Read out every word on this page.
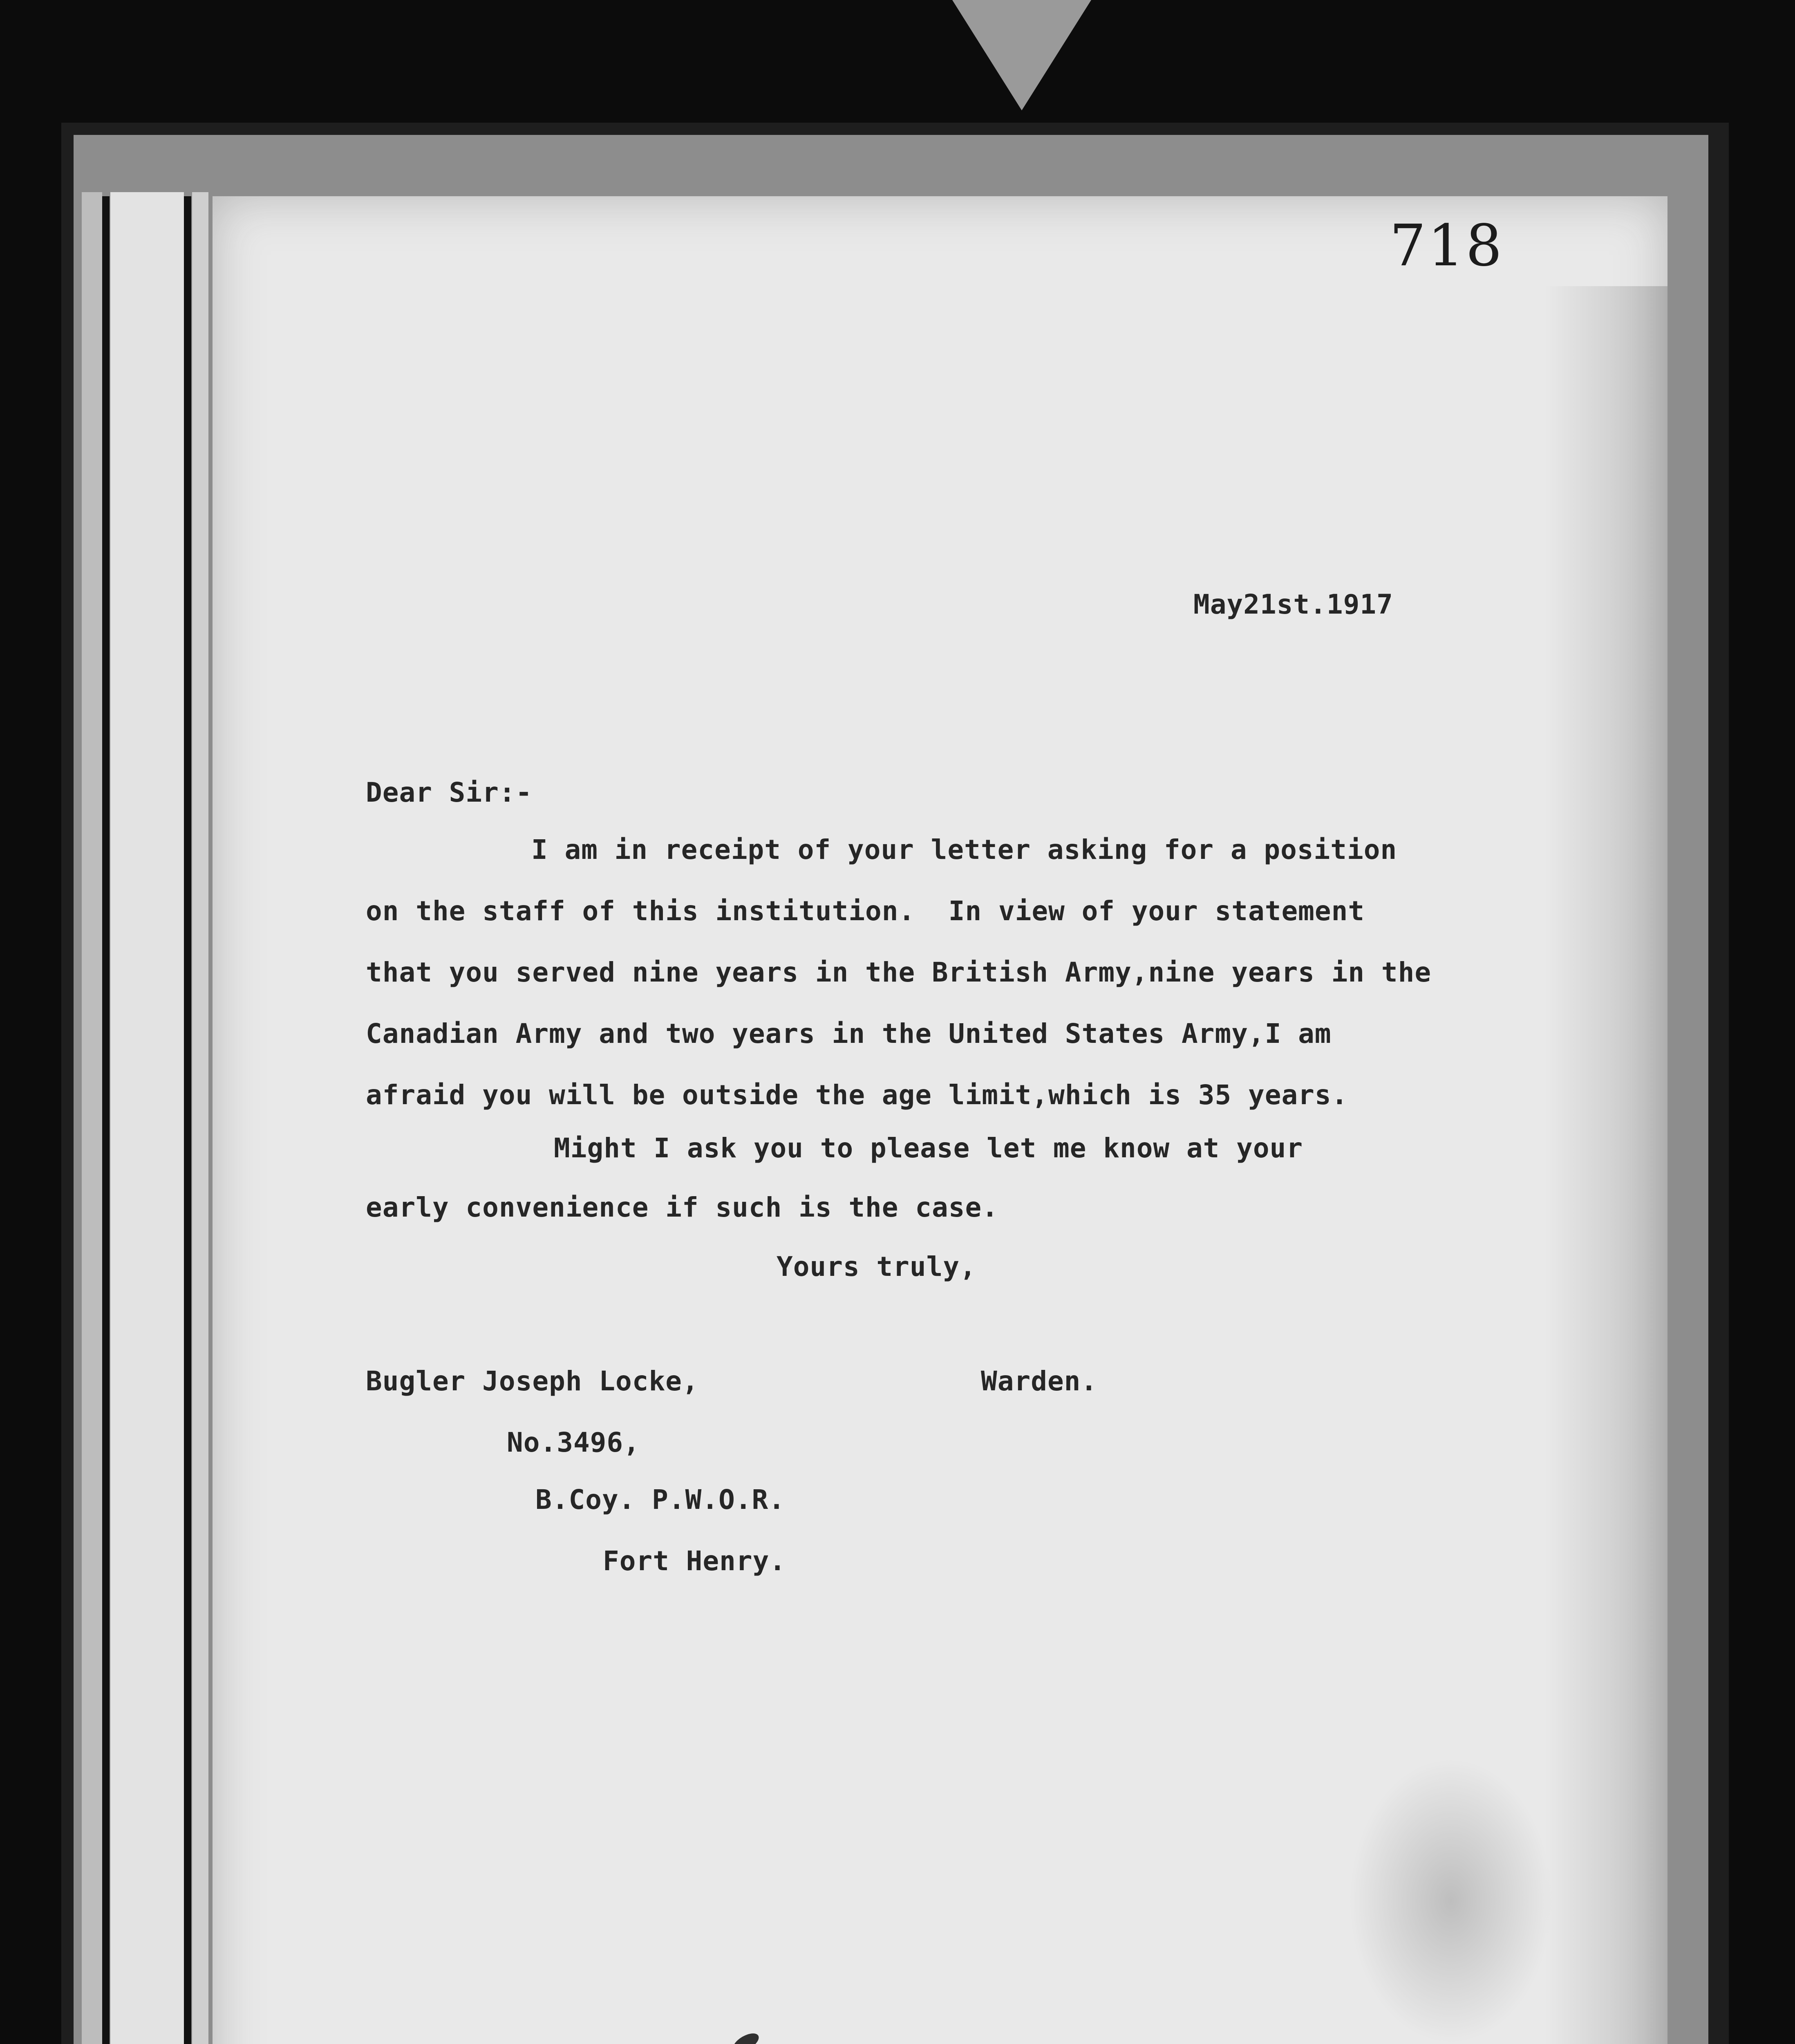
718
May21st.1917
Dear Sir:-
I am in receipt of your letter asking for a position
on the staff of this institution.  In view of your statement
that you served nine years in the British Army,nine years in the
Canadian Army and two years in the United States Army,I am
afraid you will be outside the age limit,which is 35 years.
Might I ask you to please let me know at your
early convenience if such is the case.
Yours truly,
Bugler Joseph Locke,	Warden.
No.3496,
B.Coy. P.W.O.R.
Fort Henry.
